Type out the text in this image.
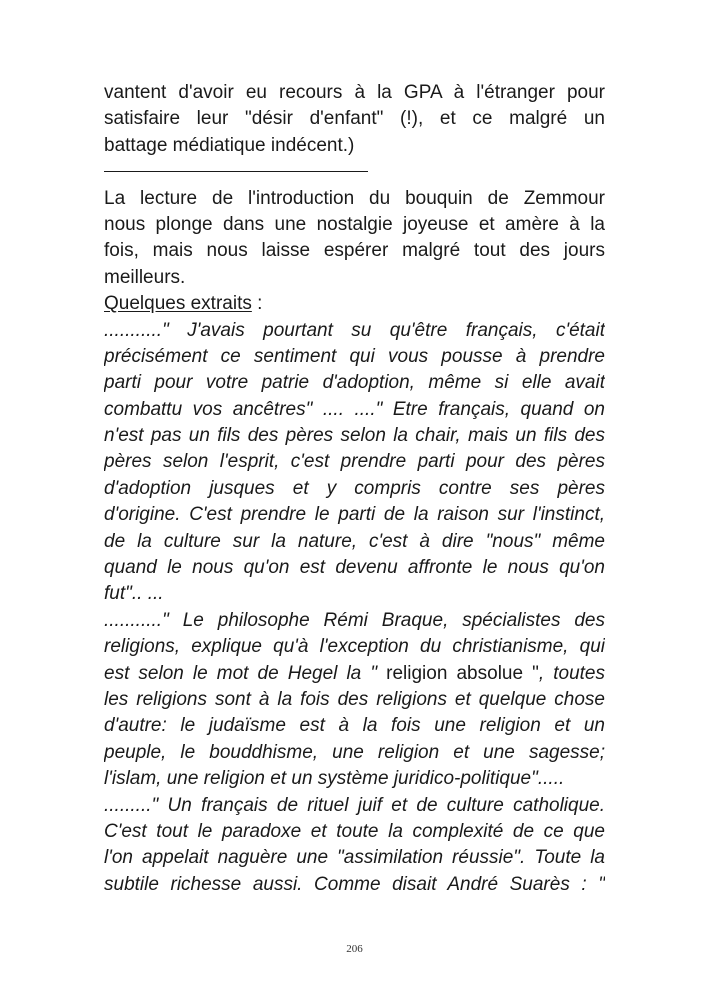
vantent d'avoir eu recours à la GPA à l'étranger pour
satisfaire leur "désir d'enfant" (!), et ce malgré un
battage médiatique indécent.)
La lecture de l'introduction du bouquin de Zemmour
nous plonge dans une nostalgie joyeuse et amère à la
fois, mais nous laisse espérer malgré tout des jours
meilleurs.
Quelques extraits :
..........." J'avais pourtant su qu'être français, c'était
précisément ce sentiment qui vous pousse à prendre
parti pour votre patrie d'adoption, même si elle avait
combattu vos ancêtres" .... ...." Etre français, quand on
n'est pas un fils des pères selon la chair, mais un fils des
pères selon l'esprit, c'est prendre parti pour des pères
d'adoption jusques et y compris contre ses pères
d'origine. C'est prendre le parti de la raison sur l'instinct,
de la culture sur la nature, c'est à dire "nous" même
quand le nous qu'on est devenu affronte le nous qu'on
fut".. ...
..........." Le philosophe Rémi Braque, spécialistes des
religions, explique qu'à l'exception du christianisme, qui
est selon le mot de Hegel la " religion absolue ", toutes
les religions sont à la fois des religions et quelque chose
d'autre: le judaïsme est à la fois une religion et un
peuple, le bouddhisme, une religion et une sagesse;
l'islam, une religion et un système juridico-politique".....
........." Un français de rituel juif et de culture catholique.
C'est tout le paradoxe et toute la complexité de ce que
l'on appelait naguère une "assimilation réussie". Toute la
subtile richesse aussi. Comme disait André Suarès : "
206
